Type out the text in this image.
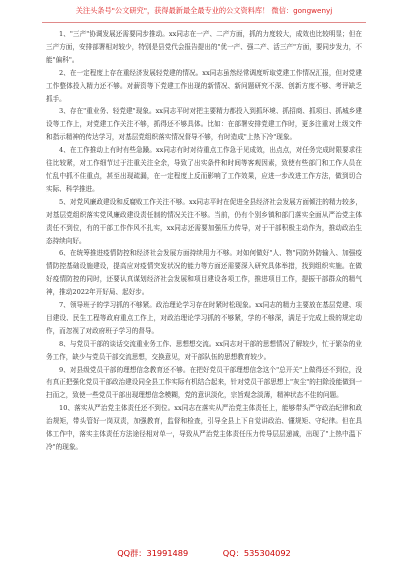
关注头条号"公文研究"，获得最新最全最专业的公文资料库！ 微信：gongwenyj

1、"三产"协调发展还需要同步推动。xx同志在一产、二产方面，抓的力度较大，成效也比较明显；但在三产方面，安排部署相对较少，特别是县党代会报告提出的"优一产、强二产、活三产"方面，要同步发力，不能"偏科"。

2、在一定程度上存在重经济发展轻党建的情况。xx同志虽然经常调度听取党建工作情况汇报，但对党建工作整体投入精力还不够。对薪资等下党建工作出现的新情况、新问题研究不深、创新方度不够、考评缺乏抓手。

3、存在"重业务、轻党建"现象。xx同志平时对把主要精力都投入到抓环境、抓招商、抓项目、抓城乡建设等工作上，对党建工作关注不够，抓得还不够具体。比如：在部署安排党建工作时，更多注重对上级文件和指示精神的传达学习，对基层党组织落实情况督导不够，有时造成"上热下冷"现象。

4、在工作推动上有时有些急躁。xx同志有时对待重点工作急于见成效，出点点，对任务完成时限要求往往比较紧，对工作细节过于注重关注全余，导致了出实条件和时间等客观因素，致使有些部门和工作人员在忙乱中抓不住重点，甚至出现疏漏，在一定程度上反而影响了工作效果，应进一步改进工作方法，做到切合实际、科学推进。

5、对党风廉政建设和反腐败工作关注不够。xx同志平时在促进全县经济社会发展方面倾注的精力较多，对基层党组织落实党风廉政建设责任制的情况关注不够。当前，仍有个别乡镇和部门落实全面从严治党主体责任不到位，有的干部工作作风不扎实，xx同志还需要加强压力传导，对于干部积极主动作为，推动政治生态持续向好。

6、在统筹推进疫情防控和经济社会发展方面持续用力不够。对如何做好"人、物"同防外防输入、加强疫情防控基础设施建设，提高应对疫情突发状况的能力等方面还需要深入研究具体举措，找到组织实施。在做好疫情防控的同时，还要认真谋划经济社会发展和项目建设各项工作，推进项目工作，提振干部群众的精气神，推动2022年开好局、起好步。

7、领导班子的学习抓的不够紧。政治理论学习存在时紧时松现象。xx同志的精力主要放在基层党建、项目建设、民生工程等政府重点工作上，对政治理论学习抓的不够紧，学的不够深，满足于完成上级的规定动作，而忽视了对政府班子学习的督导。

8、与党员干部的谈话交流重业务工作、思想想交流。xx同志对干部的思想情况了解较少，忙于繁杂的业务工作，缺少与党员干部交流思想，交换意见，对干部队伍的思想教育较少。

9、对县级党员干部的理想信念教育还不够。在把好党员干部理想信念这个"总开关"上做得还不到位，没有真正把强化党员干部政治建设同全县工作实际有机结合起来，针对党员干部思想上"灰尘"的扫除没能做到一扫而之，致使一些党员干部出现理想信念模糊，党的意识淡化，宗旨观念淡薄，精神状态不佳的问题。

10、落实从严治党主体责任还不到位。xx同志在落实从严治党主体责任上，能够带头严守政治纪律和政治规矩，带头管好一岗双责，加强教育，监督和检查，引导全县上下自觉讲政治、懂规矩、守纪律。但在具体工作中，落实主体责任方法途径相对单一，导致从严治党主体责任压力传导层层递减，出现了"上热中温下冷"的现象。

QQ群：31991489	QQ：535304092
